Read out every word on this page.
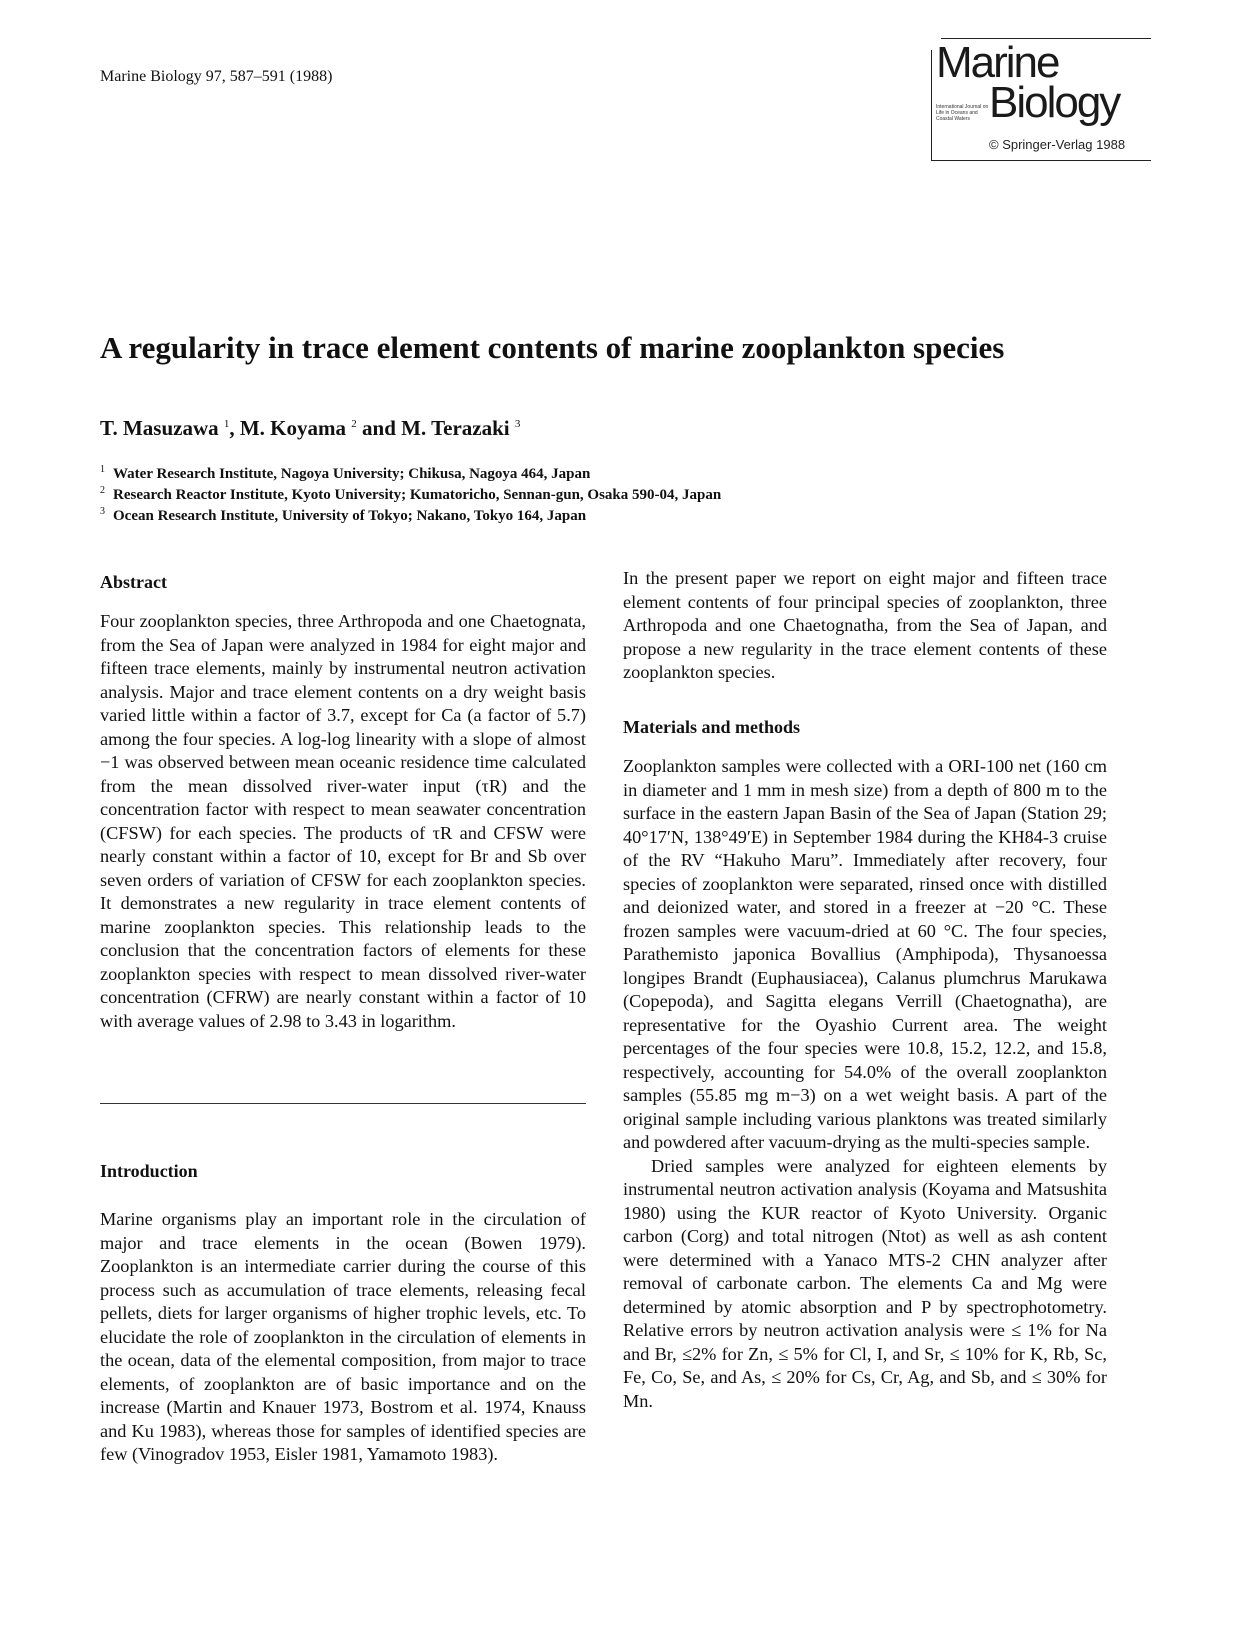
Marine Biology 97, 587–591 (1988)	Marine
Biology
International Journal on Life in Oceans and Coastal Waters
© Springer-Verlag 1988
A regularity in trace element contents of marine zooplankton species
T. Masuzawa $^1$, M. Koyama $^2$ and M. Terazaki $^3$
$^1$ Water Research Institute, Nagoya University; Chikusa, Nagoya 464, Japan
$^2$ Research Reactor Institute, Kyoto University; Kumatoricho, Sennan-gun, Osaka 590-04, Japan
$^3$ Ocean Research Institute, University of Tokyo; Nakano, Tokyo 164, Japan
Abstract

Four zooplankton species, three Arthropoda and one Chaetognata, from the Sea of Japan were analyzed in 1984 for eight major and fifteen trace elements, mainly by instrumental neutron activation analysis. Major and trace element contents on a dry weight basis varied little within a factor of 3.7, except for Ca (a factor of 5.7) among the four species. A log-log linearity with a slope of almost −1 was observed between mean oceanic residence time calculated from the mean dissolved river-water input (τR) and the concentration factor with respect to mean seawater concentration (CFSW) for each species. The products of τR and CFSW were nearly constant within a factor of 10, except for Br and Sb over seven orders of variation of CFSW for each zooplankton species. It demonstrates a new regularity in trace element contents of marine zooplankton species. This relationship leads to the conclusion that the concentration factors of elements for these zooplankton species with respect to mean dissolved river-water concentration (CFRW) are nearly constant within a factor of 10 with average values of 2.98 to 3.43 in logarithm.

Introduction

Marine organisms play an important role in the circulation of major and trace elements in the ocean (Bowen 1979). Zooplankton is an intermediate carrier during the course of this process such as accumulation of trace elements, releasing fecal pellets, diets for larger organisms of higher trophic levels, etc. To elucidate the role of zooplankton in the circulation of elements in the ocean, data of the elemental composition, from major to trace elements, of zooplankton are of basic importance and on the increase (Martin and Knauer 1973, Bostrom et al. 1974, Knauss and Ku 1983), whereas those for samples of identified species are few (Vinogradov 1953, Eisler 1981, Yamamoto 1983).

In the present paper we report on eight major and fifteen trace element contents of four principal species of zooplankton, three Arthropoda and one Chaetognatha, from the Sea of Japan, and propose a new regularity in the trace element contents of these zooplankton species.

Materials and methods

Zooplankton samples were collected with a ORI-100 net (160 cm in diameter and 1 mm in mesh size) from a depth of 800 m to the surface in the eastern Japan Basin of the Sea of Japan (Station 29; 40°17′N, 138°49′E) in September 1984 during the KH84-3 cruise of the RV “Hakuho Maru”. Immediately after recovery, four species of zooplankton were separated, rinsed once with distilled and deionized water, and stored in a freezer at −20 °C. These frozen samples were vacuum-dried at 60 °C. The four species, Parathemisto japonica Bovallius (Amphipoda), Thysanoessa longipes Brandt (Euphausiacea), Calanus plumchrus Marukawa (Copepoda), and Sagitta elegans Verrill (Chaetognatha), are representative for the Oyashio Current area. The weight percentages of the four species were 10.8, 15.2, 12.2, and 15.8, respectively, accounting for 54.0% of the overall zooplankton samples (55.85 mg m−3) on a wet weight basis. A part of the original sample including various planktons was treated similarly and powdered after vacuum-drying as the multi-species sample.

Dried samples were analyzed for eighteen elements by instrumental neutron activation analysis (Koyama and Matsushita 1980) using the KUR reactor of Kyoto University. Organic carbon (Corg) and total nitrogen (Ntot) as well as ash content were determined with a Yanaco MTS-2 CHN analyzer after removal of carbonate carbon. The elements Ca and Mg were determined by atomic absorption and P by spectrophotometry. Relative errors by neutron activation analysis were ≤ 1% for Na and Br, ≤2% for Zn, ≤ 5% for Cl, I, and Sr, ≤ 10% for K, Rb, Sc, Fe, Co, Se, and As, ≤ 20% for Cs, Cr, Ag, and Sb, and ≤ 30% for Mn.
